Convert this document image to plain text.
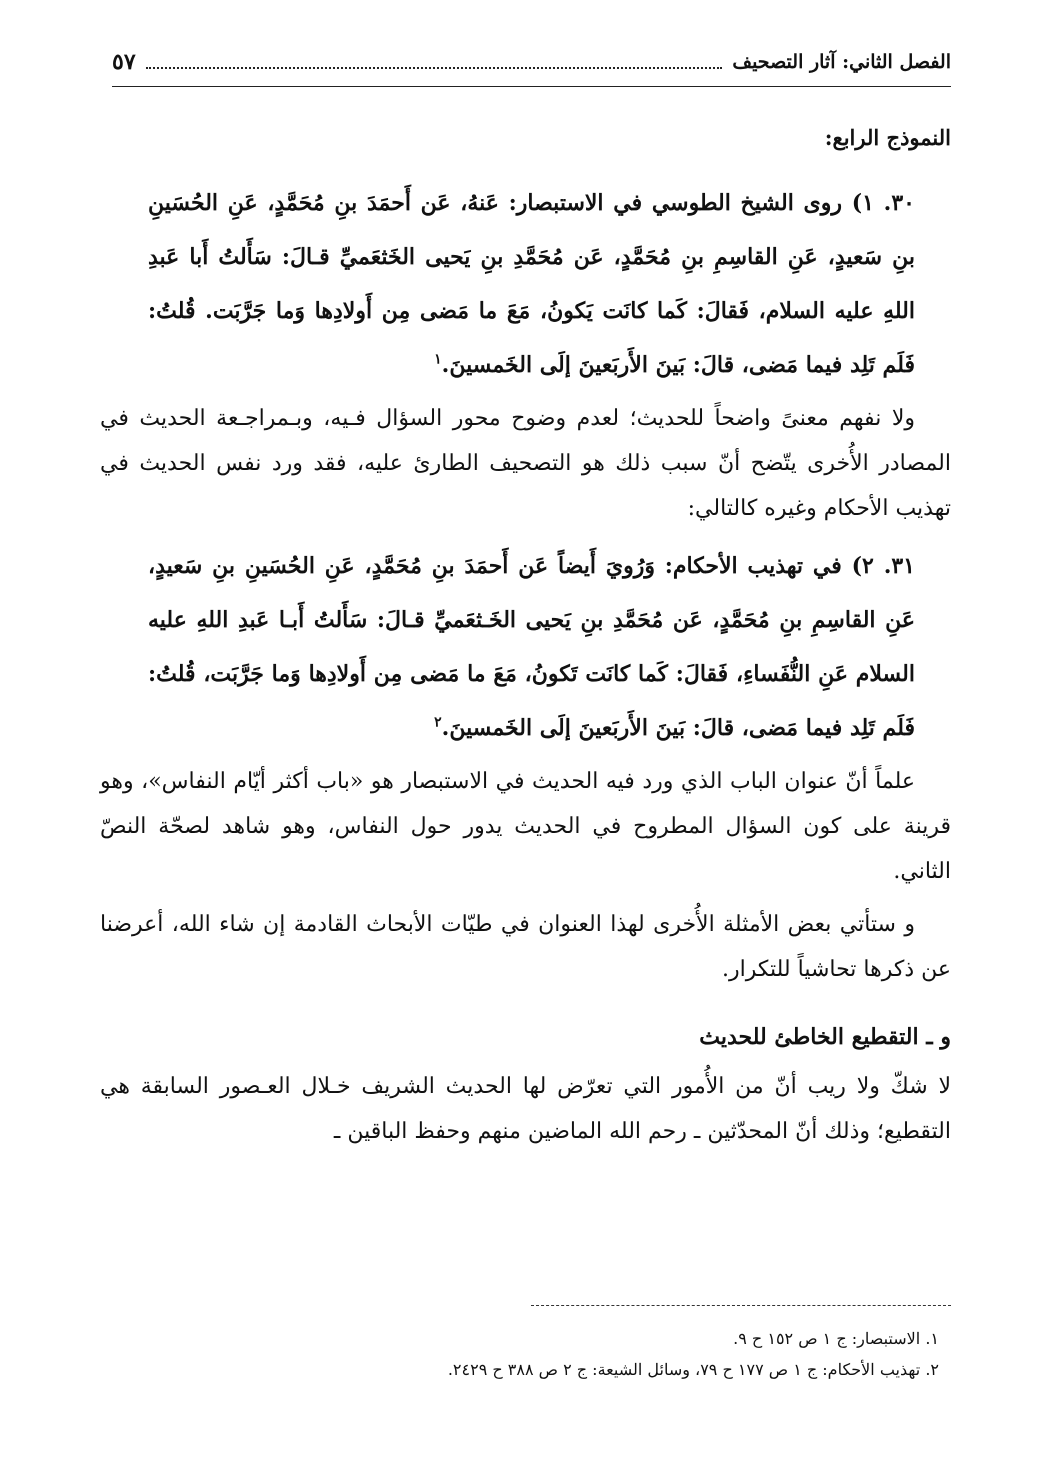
الفصل الثاني: آثار التصحيف
٥٧
النموذج الرابع:
٣٠. ١) روى الشيخ الطوسي في الاستبصار: عَنهُ، عَن أَحمَدَ بنِ مُحَمَّدٍ، عَنِ الحُسَينِ بنِ سَعيدٍ، عَنِ القاسِمِ بنِ مُحَمَّدٍ، عَن مُحَمَّدِ بنِ يَحيى الخَثعَميِّ قـالَ: سَأَلتُ أَبا عَبدِ اللهِ عليه السلام، فَقالَ: كَما كانَت يَكونُ، مَعَ ما مَضى مِن أَولادِها وَما جَرَّبَت. قُلتُ: فَلَم تَلِد فيما مَضى، قالَ: بَينَ الأَربَعينَ إلَى الخَمسينَ.$^١$

ولا نفهم معنىً واضحاً للحديث؛ لعدم وضوح محور السؤال فـيه، وبـمراجـعة الحديث في المصادر الأُخرى يتّضح أنّ سبب ذلك هو التصحيف الطارئ عليه، فقد ورد نفس الحديث في تهذيب الأحكام وغيره كالتالي:

٣١. ٢) في تهذيب الأحكام: وَرُويَ أَيضاً عَن أَحمَدَ بنِ مُحَمَّدٍ، عَنِ الحُسَينِ بنِ سَعيدٍ، عَنِ القاسِمِ بنِ مُحَمَّدٍ، عَن مُحَمَّدِ بنِ يَحيى الخَـثعَميِّ قـالَ: سَأَلتُ أَبـا عَبدِ اللهِ عليه السلام عَنِ النُّفَساءِ، فَقالَ: كَما كانَت تَكونُ، مَعَ ما مَضى مِن أَولادِها وَما جَرَّبَت، قُلتُ: فَلَم تَلِد فيما مَضى، قالَ: بَينَ الأَربَعينَ إلَى الخَمسينَ.$^٢$

علماً أنّ عنوان الباب الذي ورد فيه الحديث في الاستبصار هو «باب أكثر أيّام النفاس»، وهو قرينة على كون السؤال المطروح في الحديث يدور حول النفاس، وهو شاهد لصحّة النصّ الثاني.

و ستأتي بعض الأمثلة الأُخرى لهذا العنوان في طيّات الأبحاث القادمة إن شاء الله، أعرضنا عن ذكرها تحاشياً للتكرار.

و ـ التقطيع الخاطئ للحديث

لا شكّ ولا ريب أنّ من الأُمور التي تعرّض لها الحديث الشريف خـلال العـصور السابقة هي التقطيع؛ وذلك أنّ المحدّثين ـ رحم الله الماضين منهم وحفظ الباقين ـ

١. الاستبصار: ج ١ ص ١٥٢ ح ٩.
٢. تهذيب الأحكام: ج ١ ص ١٧٧ ح ٧٩، وسائل الشيعة: ج ٢ ص ٣٨٨ ح ٢٤٢٩.
